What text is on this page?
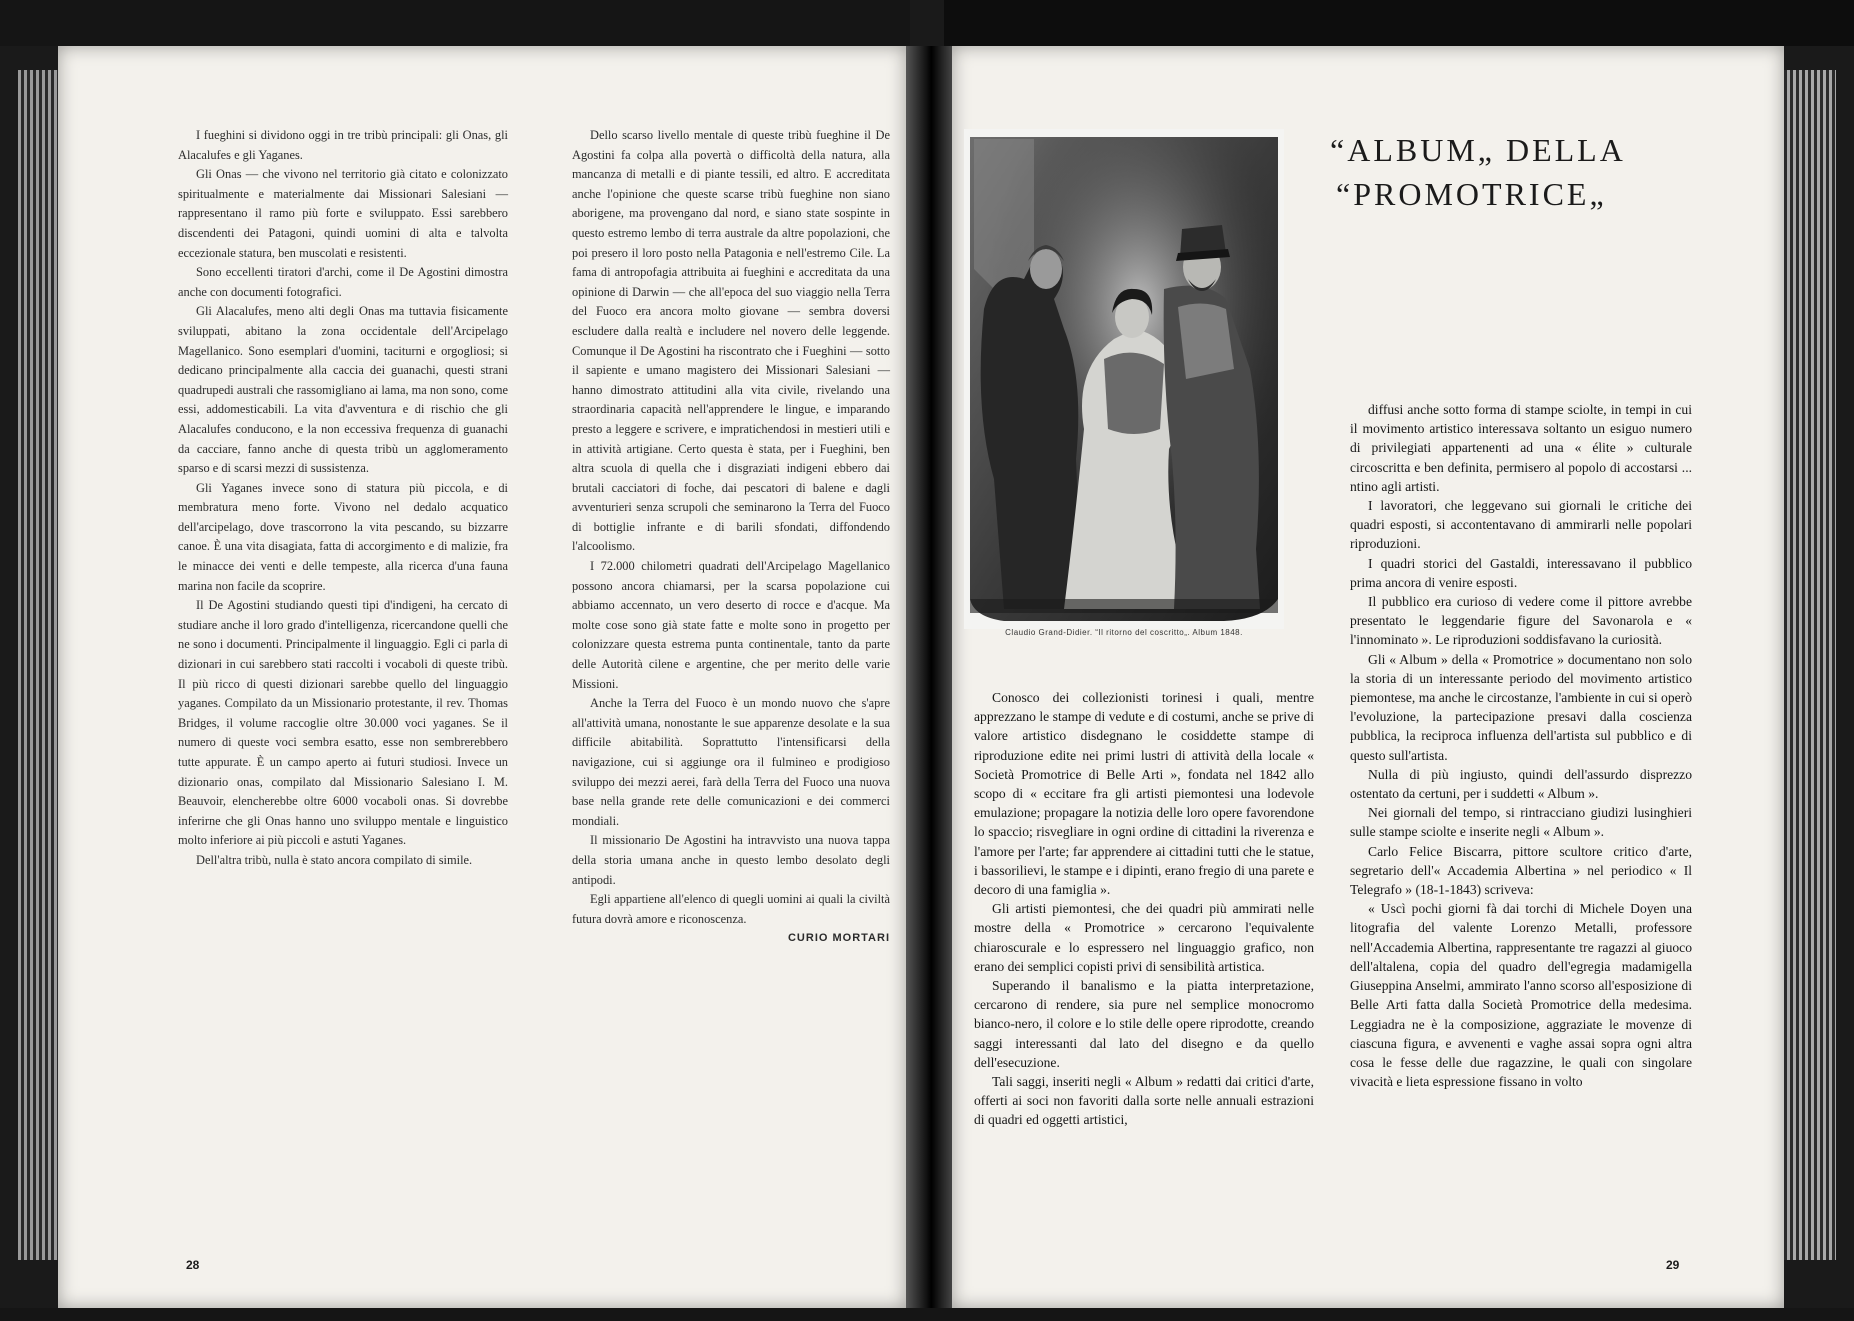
I fueghini si dividono oggi in tre tribù principali: gli Onas, gli Alacalufes e gli Yaganes.

Gli Onas — che vivono nel territorio già citato e colonizzato spiritualmente e materialmente dai Missionari Salesiani — rappresentano il ramo più forte e sviluppato. Essi sarebbero discendenti dei Patagoni, quindi uomini di alta e talvolta eccezionale statura, ben muscolati e resistenti.

Sono eccellenti tiratori d'archi, come il De Agostini dimostra anche con documenti fotografici.

Gli Alacalufes, meno alti degli Onas ma tuttavia fisicamente sviluppati, abitano la zona occidentale dell'Arcipelago Magellanico. Sono esemplari d'uomini, taciturni e orgogliosi; si dedicano principalmente alla caccia dei guanachi, questi strani quadrupedi australi che rassomigliano ai lama, ma non sono, come essi, addomesticabili. La vita d'avventura e di rischio che gli Alacalufes conducono, e la non eccessiva frequenza di guanachi da cacciare, fanno anche di questa tribù un agglomeramento sparso e di scarsi mezzi di sussistenza.

Gli Yaganes invece sono di statura più piccola, e di membratura meno forte. Vivono nel dedalo acquatico dell'arcipelago, dove trascorrono la vita pescando, su bizzarre canoe. È una vita disagiata, fatta di accorgimento e di malizie, fra le minacce dei venti e delle tempeste, alla ricerca d'una fauna marina non facile da scoprire.

Il De Agostini studiando questi tipi d'indigeni, ha cercato di studiare anche il loro grado d'intelligenza, ricercandone quelli che ne sono i documenti. Principalmente il linguaggio. Egli ci parla di dizionari in cui sarebbero stati raccolti i vocaboli di queste tribù. Il più ricco di questi dizionari sarebbe quello del linguaggio yaganes. Compilato da un Missionario protestante, il rev. Thomas Bridges, il volume raccoglie oltre 30.000 voci yaganes. Se il numero di queste voci sembra esatto, esse non sembrerebbero tutte appurate. È un campo aperto ai futuri studiosi. Invece un dizionario onas, compilato dal Missionario Salesiano I. M. Beauvoir, elencherebbe oltre 6000 vocaboli onas. Si dovrebbe inferirne che gli Onas hanno uno sviluppo mentale e linguistico molto inferiore ai più piccoli e astuti Yaganes.

Dell'altra tribù, nulla è stato ancora compilato di simile.

Dello scarso livello mentale di queste tribù fueghine il De Agostini fa colpa alla povertà o difficoltà della natura, alla mancanza di metalli e di piante tessili, ed altro. E accreditata anche l'opinione che queste scarse tribù fueghine non siano aborigene, ma provengano dal nord, e siano state sospinte in questo estremo lembo di terra australe da altre popolazioni, che poi presero il loro posto nella Patagonia e nell'estremo Cile. La fama di antropofagia attribuita ai fueghini e accreditata da una opinione di Darwin — che all'epoca del suo viaggio nella Terra del Fuoco era ancora molto giovane — sembra doversi escludere dalla realtà e includere nel novero delle leggende. Comunque il De Agostini ha riscontrato che i Fueghini — sotto il sapiente e umano magistero dei Missionari Salesiani — hanno dimostrato attitudini alla vita civile, rivelando una straordinaria capacità nell'apprendere le lingue, e imparando presto a leggere e scrivere, e impratichendosi in mestieri utili e in attività artigiane. Certo questa è stata, per i Fueghini, ben altra scuola di quella che i disgraziati indigeni ebbero dai brutali cacciatori di foche, dai pescatori di balene e dagli avventurieri senza scrupoli che seminarono la Terra del Fuoco di bottiglie infrante e di barili sfondati, diffondendo l'alcoolismo.

I 72.000 chilometri quadrati dell'Arcipelago Magellanico possono ancora chiamarsi, per la scarsa popolazione cui abbiamo accennato, un vero deserto di rocce e d'acque. Ma molte cose sono già state fatte e molte sono in progetto per colonizzare questa estrema punta continentale, tanto da parte delle Autorità cilene e argentine, che per merito delle varie Missioni.

Anche la Terra del Fuoco è un mondo nuovo che s'apre all'attività umana, nonostante le sue apparenze desolate e la sua difficile abitabilità. Soprattutto l'intensificarsi della navigazione, cui si aggiunge ora il fulmineo e prodigioso sviluppo dei mezzi aerei, farà della Terra del Fuoco una nuova base nella grande rete delle comunicazioni e dei commerci mondiali.

Il missionario De Agostini ha intravvisto una nuova tappa della storia umana anche in questo lembo desolato degli antipodi.

Egli appartiene all'elenco di quegli uomini ai quali la civiltà futura dovrà amore e riconoscenza.

CURIO MORTARI

28
Claudio Grand-Didier. “Il ritorno del coscritto„. Album 1848.
“ALBUM„ DELLA
“PROMOTRICE„

Conosco dei collezionisti torinesi i quali, mentre apprezzano le stampe di vedute e di costumi, anche se prive di valore artistico disdegnano le cosiddette stampe di riproduzione edite nei primi lustri di attività della locale « Società Promotrice di Belle Arti », fondata nel 1842 allo scopo di « eccitare fra gli artisti piemontesi una lodevole emulazione; propagare la notizia delle loro opere favorendone lo spaccio; risvegliare in ogni ordine di cittadini la riverenza e l'amore per l'arte; far apprendere ai cittadini tutti che le statue, i bassorilievi, le stampe e i dipinti, erano fregio di una parete e decoro di una famiglia ».

Gli artisti piemontesi, che dei quadri più ammirati nelle mostre della « Promotrice » cercarono l'equivalente chiaroscurale e lo espressero nel linguaggio grafico, non erano dei semplici copisti privi di sensibilità artistica.

Superando il banalismo e la piatta interpretazione, cercarono di rendere, sia pure nel semplice monocromo bianco-nero, il colore e lo stile delle opere riprodotte, creando saggi interessanti dal lato del disegno e da quello dell'esecuzione.

Tali saggi, inseriti negli « Album » redatti dai critici d'arte, offerti ai soci non favoriti dalla sorte nelle annuali estrazioni di quadri ed oggetti artistici,

diffusi anche sotto forma di stampe sciolte, in tempi in cui il movimento artistico interessava soltanto un esiguo numero di privilegiati appartenenti ad una « élite » culturale circoscritta e ben definita, permisero al popolo di accostarsi ... ntino agli artisti.

I lavoratori, che leggevano sui giornali le critiche dei quadri esposti, si accontentavano di ammirarli nelle popolari riproduzioni.

I quadri storici del Gastaldi, interessavano il pubblico prima ancora di venire esposti.

Il pubblico era curioso di vedere come il pittore avrebbe presentato le leggendarie figure del Savonarola e « l'innominato ». Le riproduzioni soddisfavano la curiosità.

Gli « Album » della « Promotrice » documentano non solo la storia di un interessante periodo del movimento artistico piemontese, ma anche le circostanze, l'ambiente in cui si operò l'evoluzione, la partecipazione presavi dalla coscienza pubblica, la reciproca influenza dell'artista sul pubblico e di questo sull'artista.

Nulla di più ingiusto, quindi dell'assurdo disprezzo ostentato da certuni, per i suddetti « Album ».

Nei giornali del tempo, si rintracciano giudizi lusinghieri sulle stampe sciolte e inserite negli « Album ».

Carlo Felice Biscarra, pittore scultore critico d'arte, segretario dell'« Accademia Albertina » nel periodico « Il Telegrafo » (18-1-1843) scriveva:

« Uscì pochi giorni fà dai torchi di Michele Doyen una litografia del valente Lorenzo Metalli, professore nell'Accademia Albertina, rappresentante tre ragazzi al giuoco dell'altalena, copia del quadro dell'egregia madamigella Giuseppina Anselmi, ammirato l'anno scorso all'esposizione di Belle Arti fatta dalla Società Promotrice della medesima. Leggiadra ne è la composizione, aggraziate le movenze di ciascuna figura, e avvenenti e vaghe assai sopra ogni altra cosa le fesse delle due ragazzine, le quali con singolare vivacità e lieta espressione fissano in volto

29
